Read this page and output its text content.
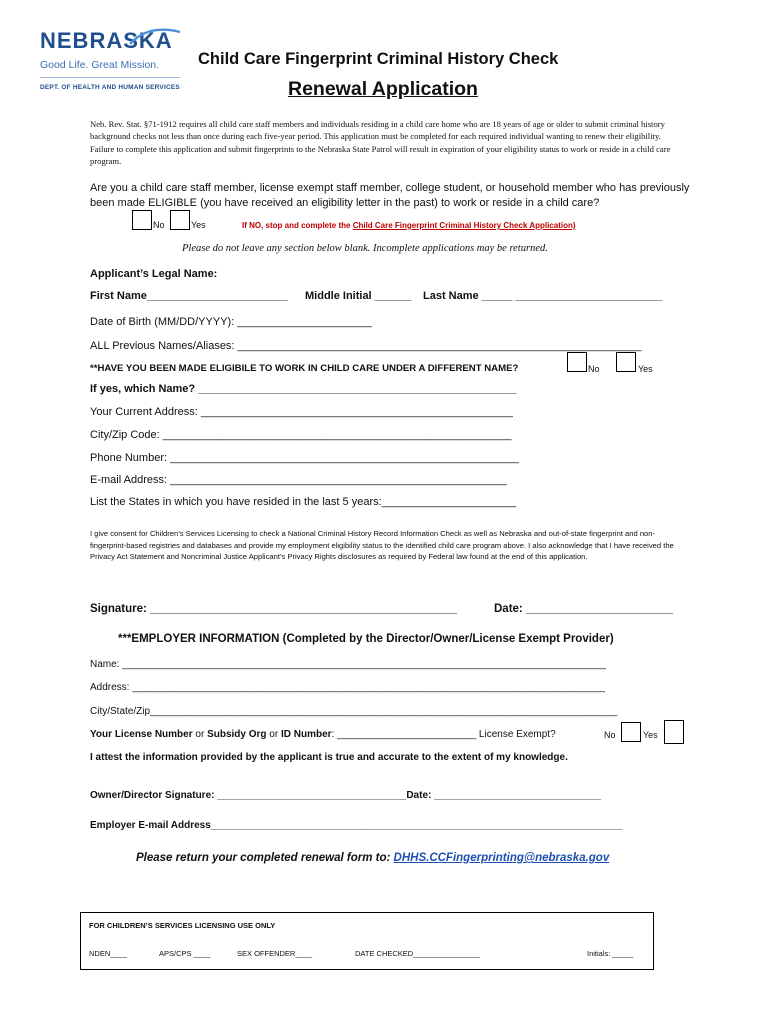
NEBRASKA
Good Life. Great Mission.
DEPT. OF HEALTH AND HUMAN SERVICES
Child Care Fingerprint Criminal History Check
Renewal Application
Neb. Rev. Stat. §71-1912 requires all child care staff members and individuals residing in a child care home who are 18 years of age or older to submit criminal history background checks not less than once during each five-year period. This application must be completed for each required individual wanting to renew their eligibility. Failure to complete this application and submit fingerprints to the Nebraska State Patrol will result in expiration of your eligibility status to work or reside in a child care program.
Are you a child care staff member, license exempt staff member, college student, or household member who has previously been made ELIGIBLE (you have received an eligibility letter in the past) to work or reside in a child care?
No	Yes	If NO, stop and complete the Child Care Fingerprint Criminal History Check Application)
Please do not leave any section below blank. Incomplete applications may be returned.
Applicant’s Legal Name:
First Name_______________________ Middle Initial ______ Last Name _____ ________________________
Date of Birth (MM/DD/YYYY): ______________________
ALL Previous Names/Aliases: __________________________________________________________________
**HAVE YOU BEEN MADE ELIGIBILE TO WORK IN CHILD CARE UNDER A DIFFERENT NAME?	No	Yes
If yes, which Name? ____________________________________________________
Your Current Address: ___________________________________________________
City/Zip Code: _________________________________________________________
Phone Number: _________________________________________________________
E-mail Address: _______________________________________________________
List the States in which you have resided in the last 5 years:______________________
I give consent for Children’s Services Licensing to check a National Criminal History Record Information Check as well as Nebraska and out-of-state fingerprint and non-fingerprint-based registries and databases and provide my employment eligibility status to the identified child care program above. I also acknowledge that I have received the Privacy Act Statement and Noncriminal Justice Applicant’s Privacy Rights disclosures as required by Federal law found at the end of this application.
Signature: ________________________________________________	Date: _______________________
***EMPLOYER INFORMATION (Completed by the Director/Owner/License Exempt Provider)
Name: _______________________________________________________________________________________
Address: _____________________________________________________________________________________
City/State/Zip____________________________________________________________________________________
Your License Number or Subsidy Org or ID Number: _________________________ License Exempt?	No	Yes
I attest the information provided by the applicant is true and accurate to the extent of my knowledge.
Owner/Director Signature: __________________________________Date: ______________________________
Employer E-mail Address__________________________________________________________________________
Please return your completed renewal form to: DHHS.CCFingerprinting@nebraska.gov
FOR CHILDREN’S SERVICES LICENSING USE ONLY
NDEN____	APS/CPS ____	SEX OFFENDER____	DATE CHECKED________________	Initials: _____
